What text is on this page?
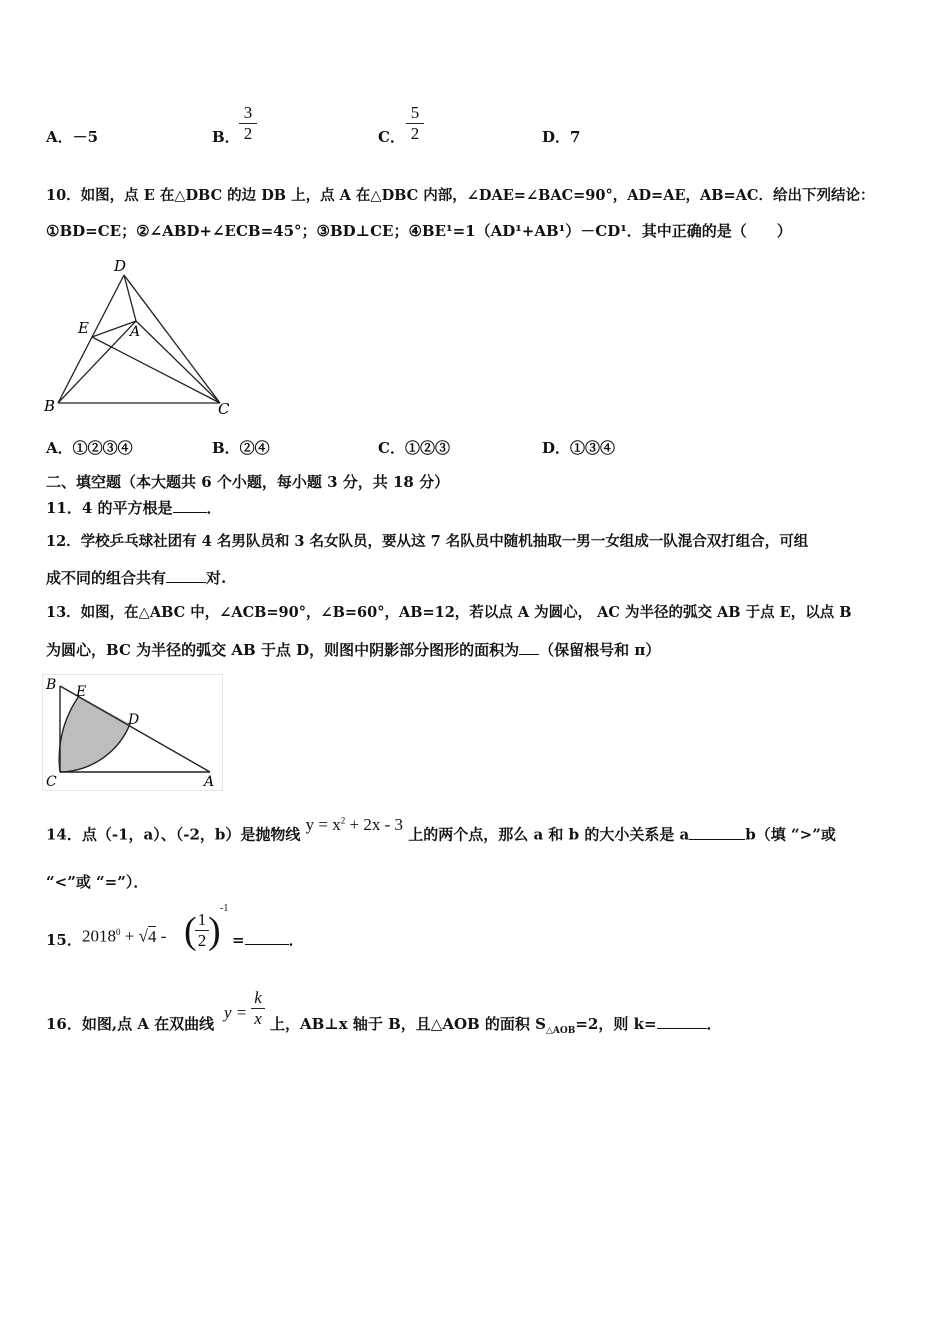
A．－5	B．
3
2	C．
5
2	D．7
10．如图，点 E 在△DBC 的边 DB 上，点 A 在△DBC 内部，∠DAE=∠BAC=90°，AD=AE，AB=AC．给出下列结论：
①BD=CE；②∠ABD+∠ECB=45°；③BD⊥CE；④BE¹=1（AD¹+AB¹）－CD¹．其中正确的是（　　）
D
E	A
B	C
A．①②③④	B．②④	C．①②③	D．①③④
二、填空题（本大题共 6 个小题，每小题 3 分，共 18 分）
11．4 的平方根是 ．
12．学校乒乓球社团有 4 名男队员和 3 名女队员，要从这 7 名队员中随机抽取一男一女组成一队混合双打组合，可组
成不同的组合共有	对.
13．如图，在△ABC 中，∠ACB=90°，∠B=60°，AB=12，若以点 A 为圆心， AC 为半径的弧交 AB 于点 E，以点 B
为圆心，BC 为半径的弧交 AB 于点 D，则图中阴影部分图形的面积为 （保留根号和 π）
B E
D
C	A
14．点（-1，a）、（-2，b）是抛物线 $y = x^2 + 2x - 3$ 上的两个点，那么 a 和 b 的大小关系是 a	b（填 “>”或
“<”或 “=”）．
15． $2018^0 + √4$ - ( 1
2 )
-1
=	．
16．如图,点 A 在双曲线
y =
k
x 上，AB⊥x 轴于 B，且△AOB 的面积 $S_{\triangle AOB}=2$，则 k=	．
